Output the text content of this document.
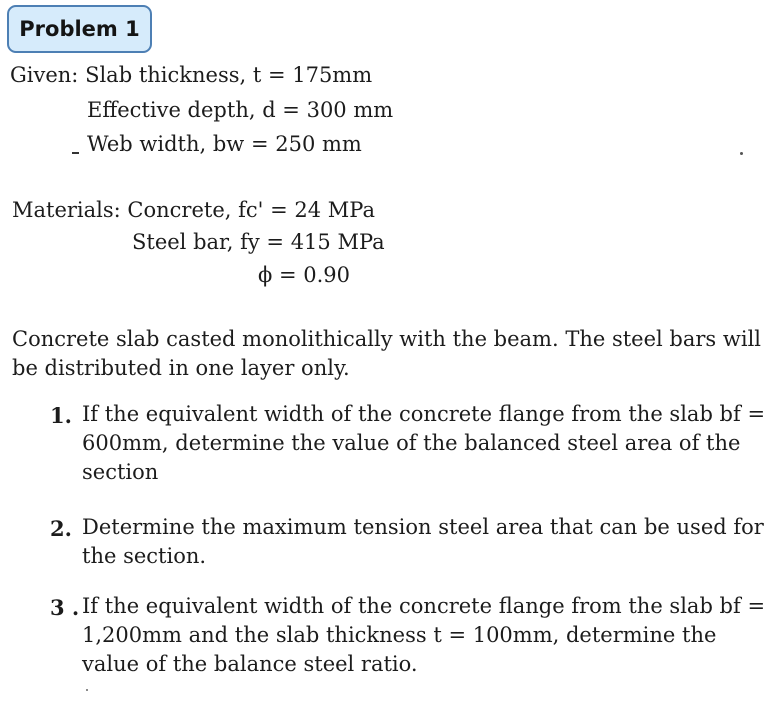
Problem 1
Given: Slab thickness, t = 175mm
Effective depth, d = 300 mm
Web width, bw = 250 mm
Materials: Concrete, fc' = 24 MPa
Steel bar, fy = 415 MPa
ϕ = 0.90
Concrete slab casted monolithically with the beam. The steel bars will be distributed in one layer only.
1. If the equivalent width of the concrete flange from the slab bf = 600mm, determine the value of the balanced steel area of the section
2. Determine the maximum tension steel area that can be used for the section.
3 . If the equivalent width of the concrete flange from the slab bf = 1,200mm and the slab thickness t = 100mm, determine the value of the balance steel ratio.
